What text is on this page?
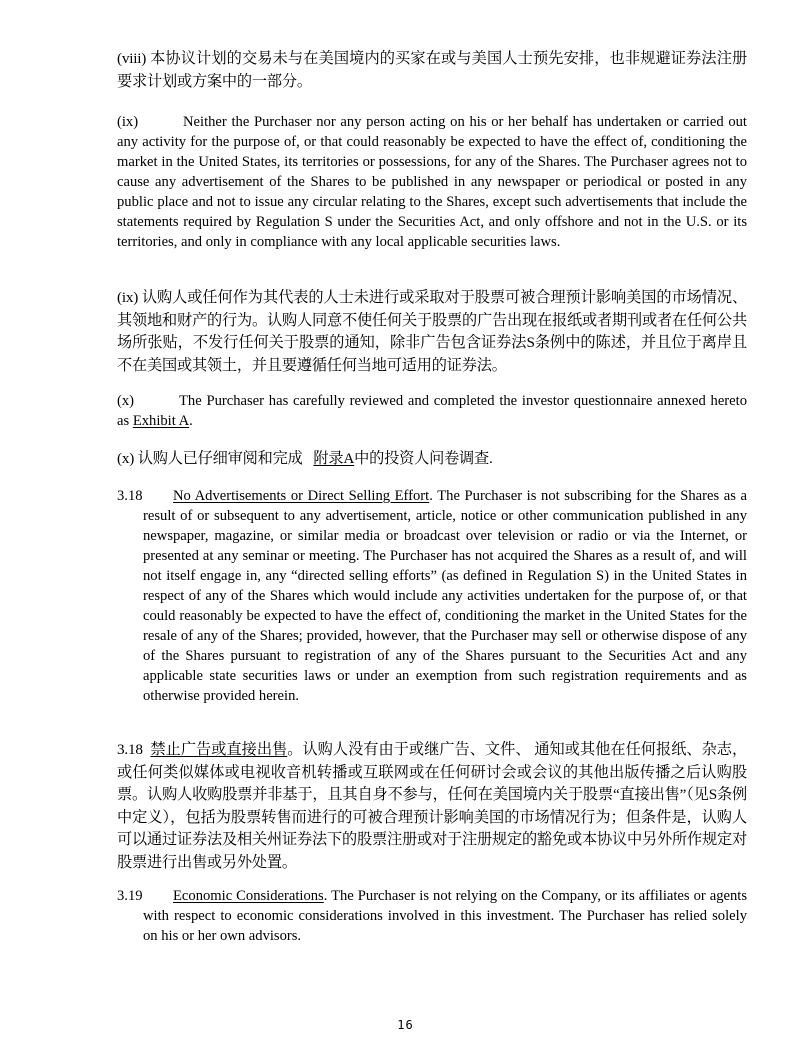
(viii) 本协议计划的交易未与在美国境内的买家在或与美国人士预先安排，也非规避证券法注册要求计划或方案中的一部分。
(ix)	Neither the Purchaser nor any person acting on his or her behalf has undertaken or carried out any activity for the purpose of, or that could reasonably be expected to have the effect of, conditioning the market in the United States, its territories or possessions, for any of the Shares. The Purchaser agrees not to cause any advertisement of the Shares to be published in any newspaper or periodical or posted in any public place and not to issue any circular relating to the Shares, except such advertisements that include the statements required by Regulation S under the Securities Act, and only offshore and not in the U.S. or its territories, and only in compliance with any local applicable securities laws.
(ix) 认购人或任何作为其代表的人士未进行或采取对于股票可被合理预计影响美国的市场情况、其领地和财产的行为。认购人同意不使任何关于股票的广告出现在报纸或者期刊或者在任何公共场所张贴，不发行任何关于股票的通知，除非广告包含证券法S条例中的陈述，并且位于离岸且不在美国或其领土，并且要遵循任何当地可适用的证券法。
(x)	The Purchaser has carefully reviewed and completed the investor questionnaire annexed hereto as Exhibit A.
(x) 认购人已仔细审阅和完成 附录A中的投资人问卷调查.
3.18	No Advertisements or Direct Selling Effort. The Purchaser is not subscribing for the Shares as a result of or subsequent to any advertisement, article, notice or other communication published in any newspaper, magazine, or similar media or broadcast over television or radio or via the Internet, or presented at any seminar or meeting. The Purchaser has not acquired the Shares as a result of, and will not itself engage in, any “directed selling efforts” (as defined in Regulation S) in the United States in respect of any of the Shares which would include any activities undertaken for the purpose of, or that could reasonably be expected to have the effect of, conditioning the market in the United States for the resale of any of the Shares; provided, however, that the Purchaser may sell or otherwise dispose of any of the Shares pursuant to registration of any of the Shares pursuant to the Securities Act and any applicable state securities laws or under an exemption from such registration requirements and as otherwise provided herein.
3.18 禁止广告或直接出售。认购人没有由于或继广告、文件、 通知或其他在任何报纸、杂志，或任何类似媒体或电视收音机转播或互联网或在任何研讨会或会议的其他出版传播之后认购股票。认购人收购股票并非基于，且其自身不参与，任何在美国境内关于股票“直接出售”（见S条例中定义），包括为股票转售而进行的可被合理预计影响美国的市场情况行为；但条件是，认购人可以通过证券法及相关州证券法下的股票注册或对于注册规定的豁免或本协议中另外所作规定对股票进行出售或另外处置。
3.19	Economic Considerations. The Purchaser is not relying on the Company, or its affiliates or agents with respect to economic considerations involved in this investment. The Purchaser has relied solely on his or her own advisors.
16
